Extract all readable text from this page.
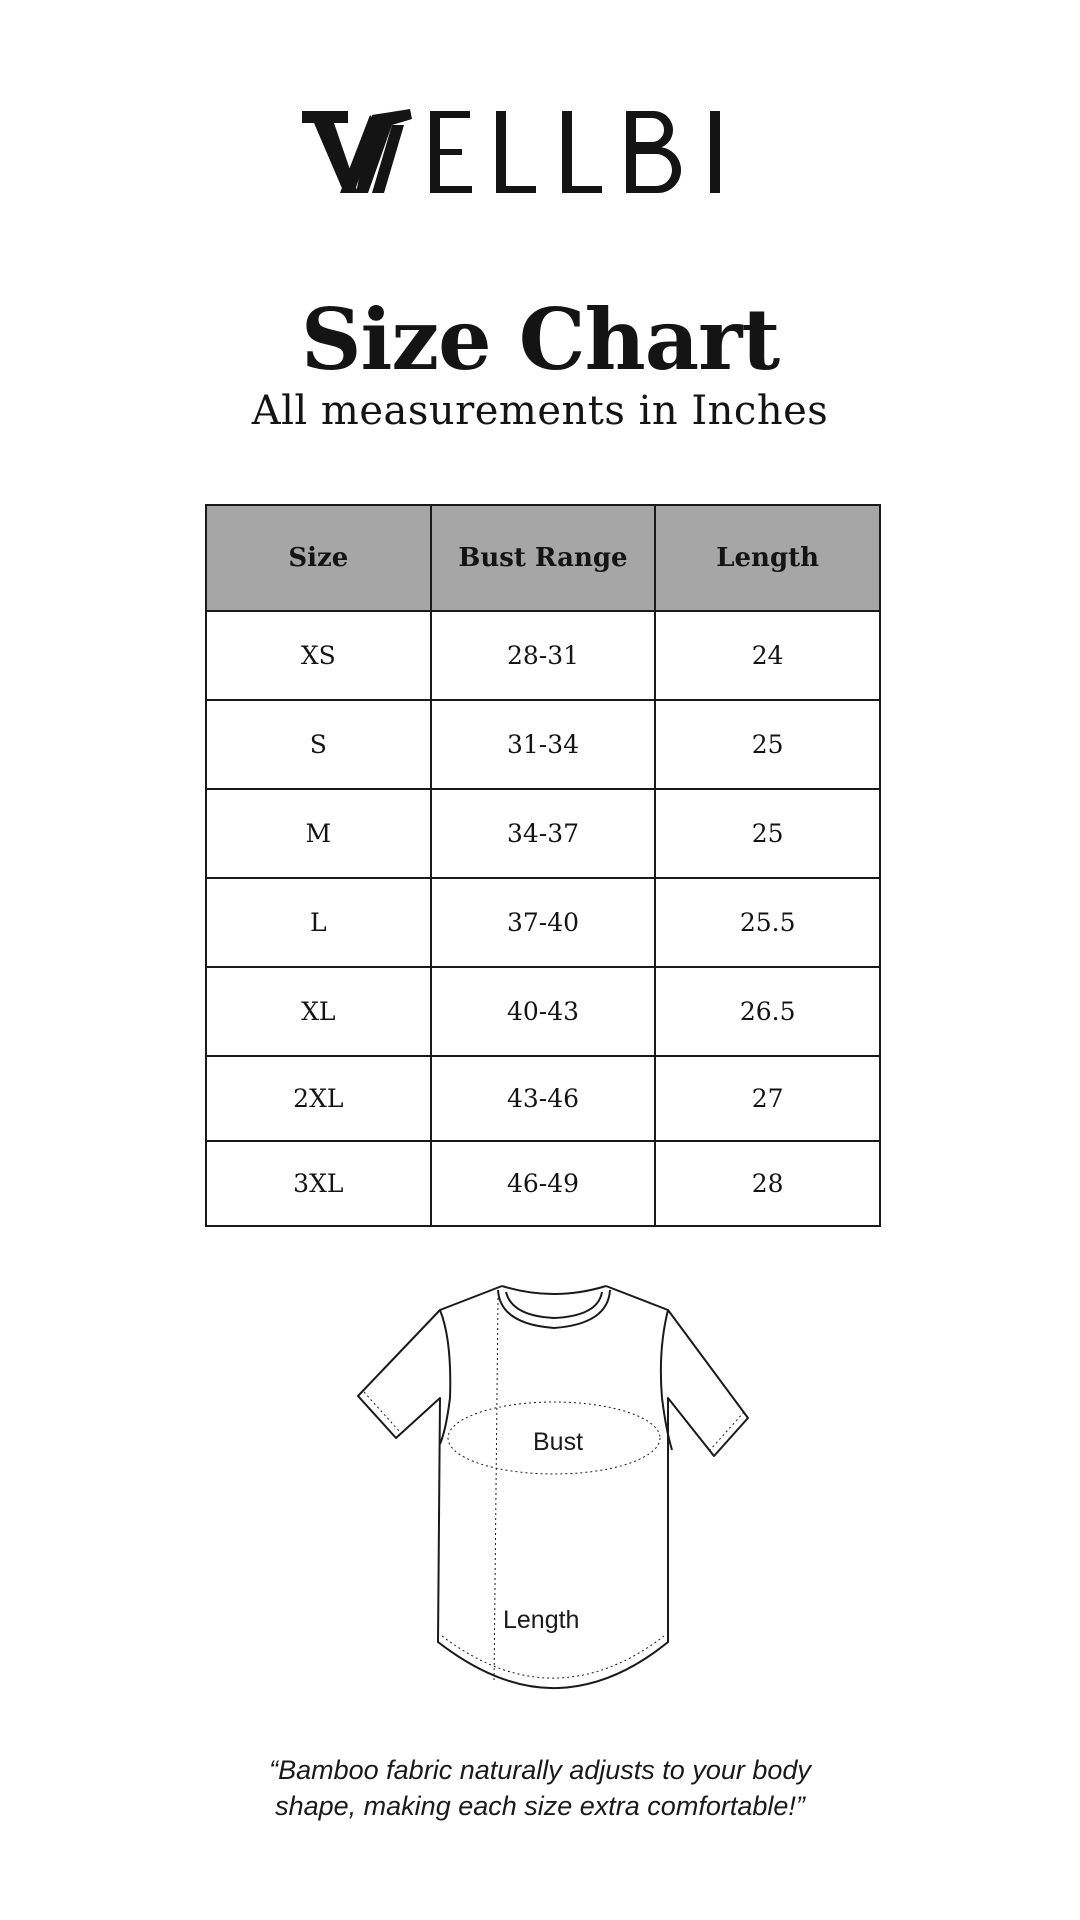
Size Chart
All measurements in Inches
Size	Bust Range	Length
XS	28-31	24
S	31-34	25
M	34-37	25
L	37-40	25.5
XL	40-43	26.5
2XL	43-46	27
3XL	46-49	28
Bust
Length
“Bamboo fabric naturally adjusts to your body
shape, making each size extra comfortable!”
